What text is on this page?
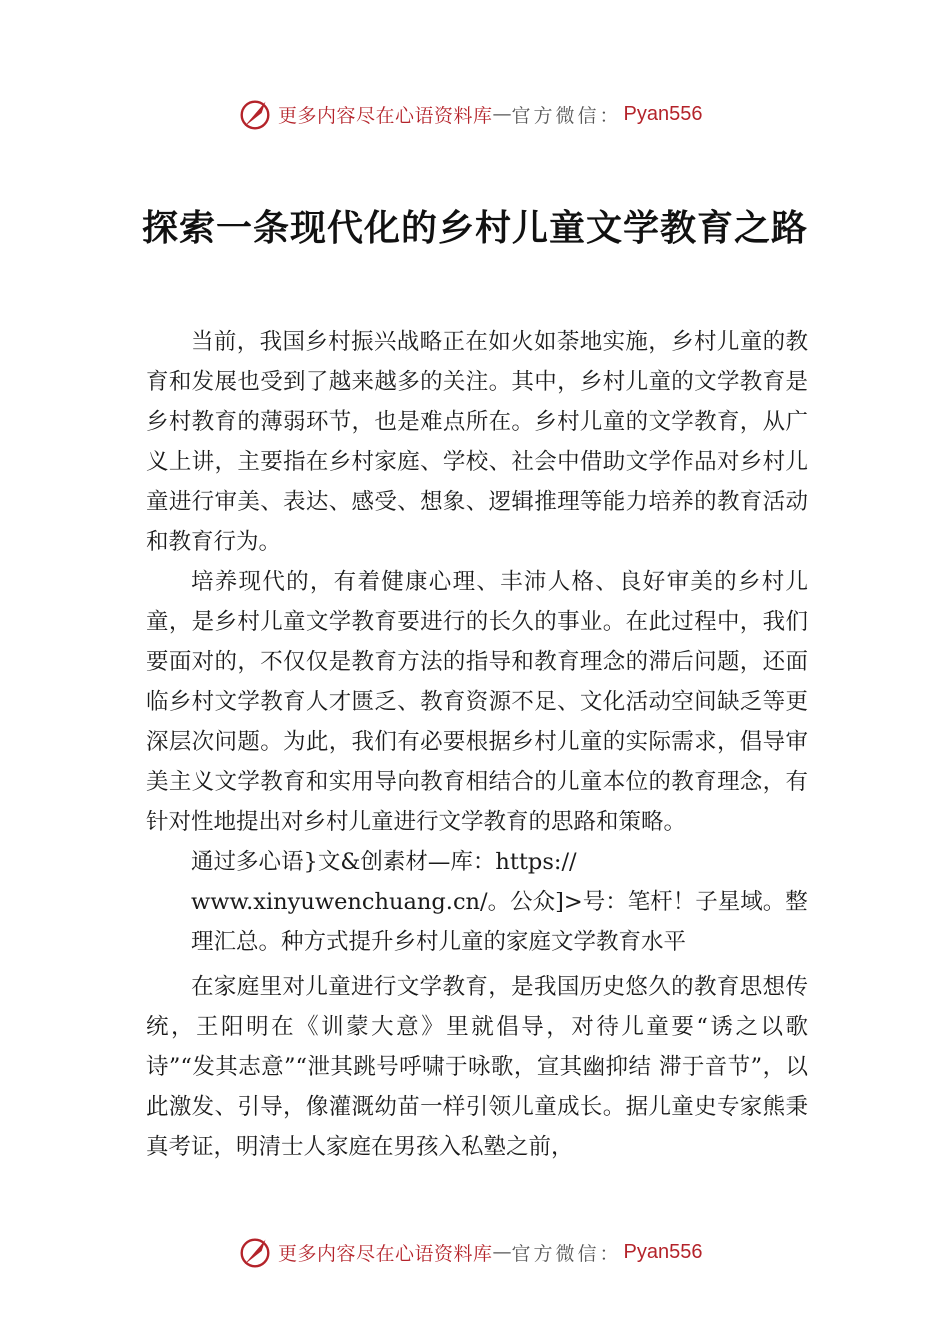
更多内容尽在心语资料库 — 官方微信： Pyan556
探索一条现代化的乡村儿童文学教育之路

当前，我国乡村振兴战略正在如火如荼地实施，乡村儿童的教育和发展也受到了越来越多的关注。其中，乡村儿童的文学教育是乡村教育的薄弱环节，也是难点所在。乡村儿童的文学教育，从广义上讲，主要指在乡村家庭、学校、社会中借助文学作品对乡村儿童进行审美、表达、感受、想象、逻辑推理等能力培养的教育活动和教育行为。

培养现代的，有着健康心理、丰沛人格、良好审美的乡村儿童，是乡村儿童文学教育要进行的长久的事业。在此过程中，我们要面对的，不仅仅是教育方法的指导和教育理念的滞后问题，还面临乡村文学教育人才匮乏、教育资源不足、文化活动空间缺乏等更深层次问题。为此，我们有必要根据乡村儿童的实际需求，倡导审美主义文学教育和实用导向教育相结合的儿童本位的教育理念，有针对性地提出对乡村儿童进行文学教育的思路和策略。

通过多心语}文&创素材—库：https://
www.xinyuwenchuang.cn/。公众]>号：笔杆！子星域。整
理汇总。种方式提升乡村儿童的家庭文学教育水平

在家庭里对儿童进行文学教育，是我国历史悠久的教育思想传统，王阳明在《训蒙大意》里就倡导，对待儿童要“诱之以歌诗”“发其志意”“泄其跳号呼啸于咏歌，宣其幽抑结 滞于音节”，以此激发、引导，像灌溉幼苗一样引领儿童成长。据儿童史专家熊秉真考证，明清士人家庭在男孩入私塾之前，

更多内容尽在心语资料库 — 官方微信： Pyan556
